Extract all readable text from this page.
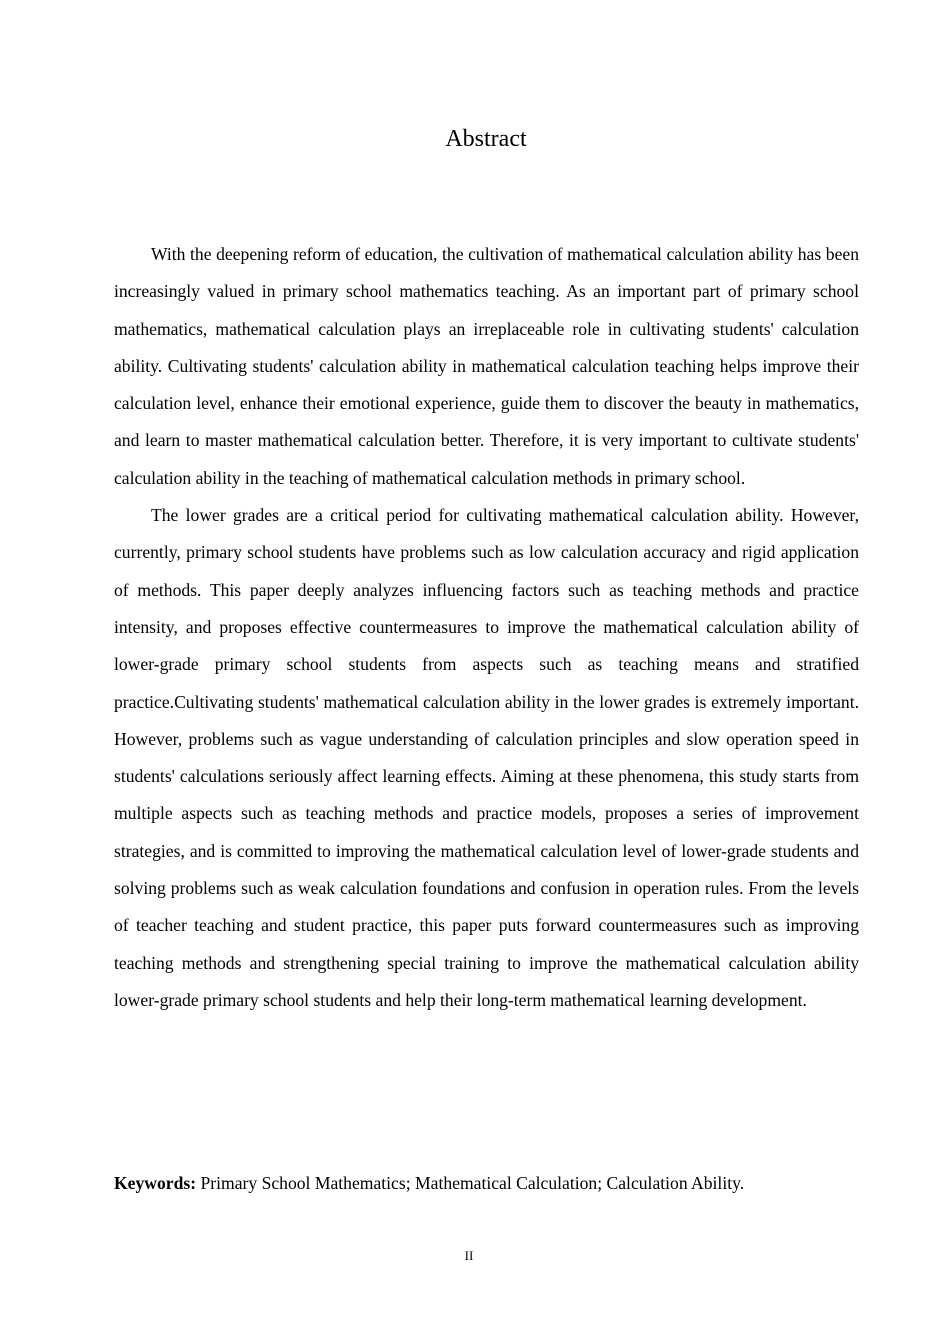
Abstract

With the deepening reform of education, the cultivation of mathematical calculation ability has been increasingly valued in primary school mathematics teaching. As an important part of primary school mathematics, mathematical calculation plays an irreplaceable role in cultivating students' calculation ability. Cultivating students' calculation ability in mathematical calculation teaching helps improve their calculation level, enhance their emotional experience, guide them to discover the beauty in mathematics, and learn to master mathematical calculation better. Therefore, it is very important to cultivate students' calculation ability in the teaching of mathematical calculation methods in primary school.

The lower grades are a critical period for cultivating mathematical calculation ability. However, currently, primary school students have problems such as low calculation accuracy and rigid application of methods. This paper deeply analyzes influencing factors such as teaching methods and practice intensity, and proposes effective countermeasures to improve the mathematical calculation ability of lower-grade primary school students from aspects such as teaching means and stratified practice.Cultivating students' mathematical calculation ability in the lower grades is extremely important. However, problems such as vague understanding of calculation principles and slow operation speed in students' calculations seriously affect learning effects. Aiming at these phenomena, this study starts from multiple aspects such as teaching methods and practice models, proposes a series of improvement strategies, and is committed to improving the mathematical calculation level of lower-grade students and solving problems such as weak calculation foundations and confusion in operation rules. From the levels of teacher teaching and student practice, this paper puts forward countermeasures such as improving teaching methods and strengthening special training to improve the mathematical calculation ability lower-grade primary school students and help their long-term mathematical learning development.

Keywords: Primary School Mathematics; Mathematical Calculation; Calculation Ability.

II
